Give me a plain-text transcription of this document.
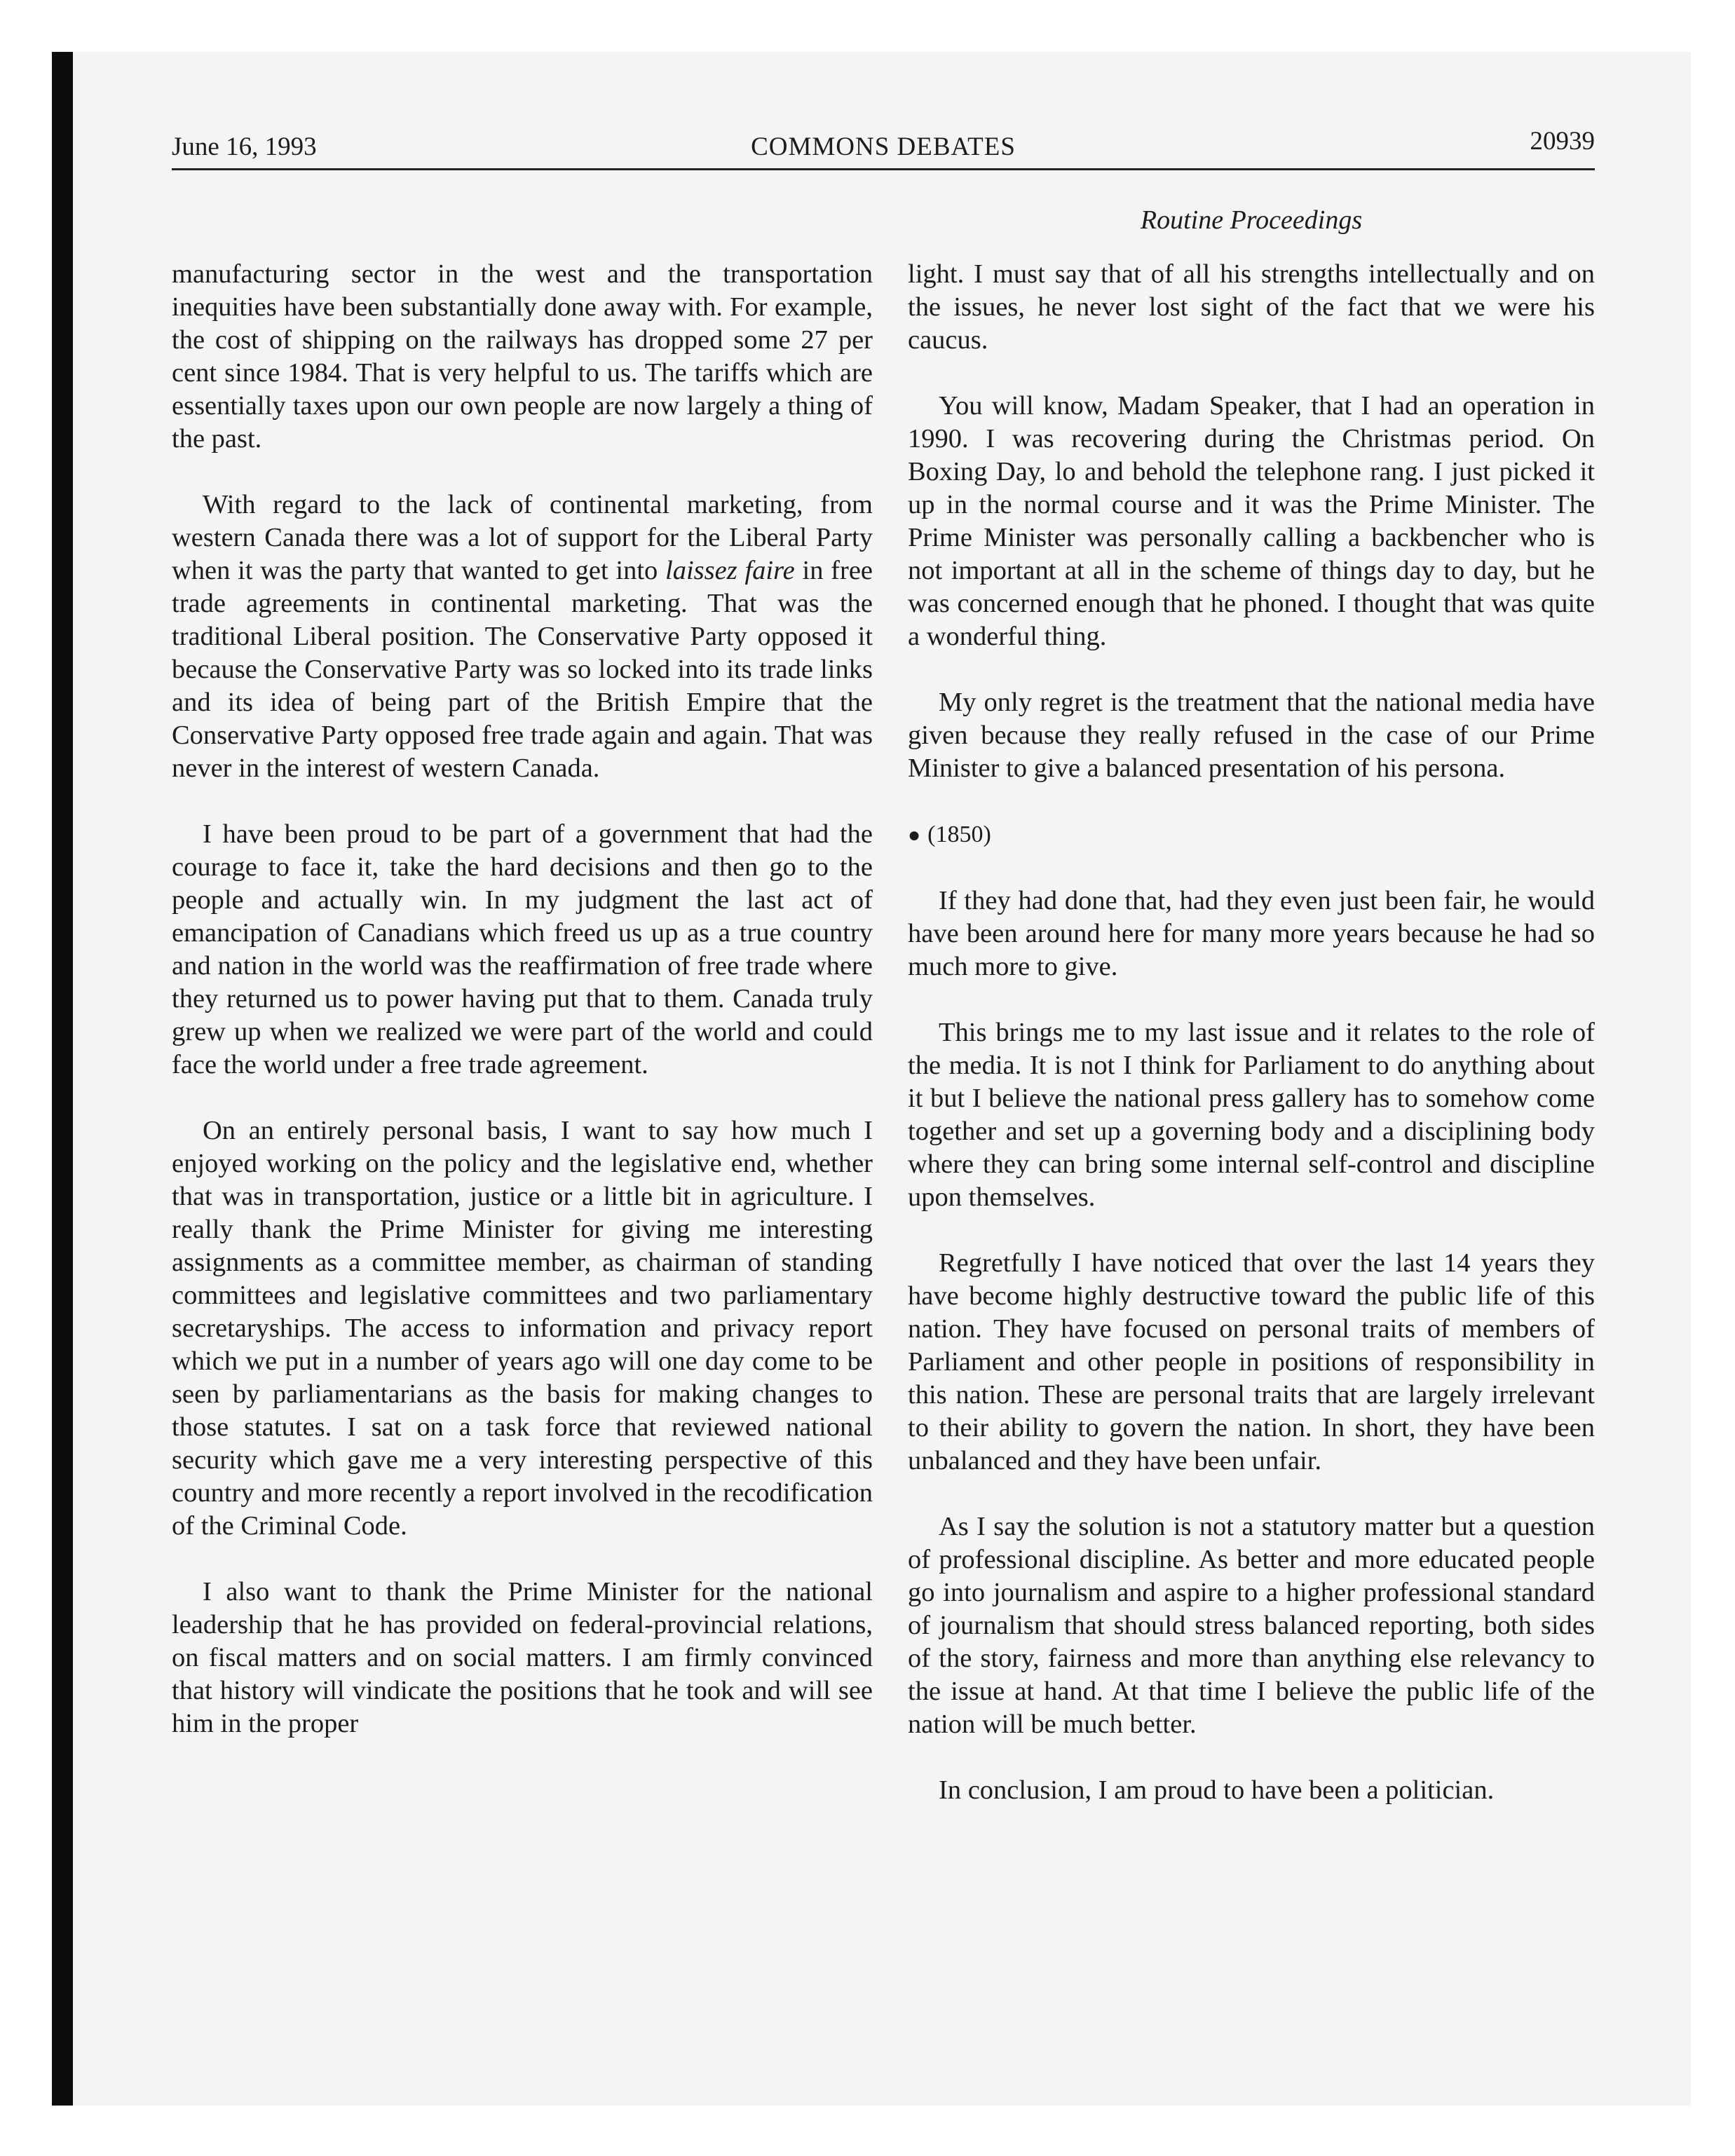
June 16, 1993	COMMONS DEBATES	20939
Routine Proceedings

manufacturing sector in the west and the transportation inequities have been substantially done away with. For example, the cost of shipping on the railways has dropped some 27 per cent since 1984. That is very helpful to us. The tariffs which are essentially taxes upon our own people are now largely a thing of the past.

With regard to the lack of continental marketing, from western Canada there was a lot of support for the Liberal Party when it was the party that wanted to get into laissez faire in free trade agreements in continental marketing. That was the traditional Liberal position. The Conservative Party opposed it because the Conservative Party was so locked into its trade links and its idea of being part of the British Empire that the Conservative Party opposed free trade again and again. That was never in the interest of western Canada.

I have been proud to be part of a government that had the courage to face it, take the hard decisions and then go to the people and actually win. In my judgment the last act of emancipation of Canadians which freed us up as a true country and nation in the world was the reaffirmation of free trade where they returned us to power having put that to them. Canada truly grew up when we realized we were part of the world and could face the world under a free trade agreement.

On an entirely personal basis, I want to say how much I enjoyed working on the policy and the legislative end, whether that was in transportation, justice or a little bit in agriculture. I really thank the Prime Minister for giving me interesting assignments as a committee member, as chairman of standing committees and legislative committees and two parliamentary secretaryships. The access to information and privacy report which we put in a number of years ago will one day come to be seen by parliamentarians as the basis for making changes to those statutes. I sat on a task force that reviewed national security which gave me a very interesting perspective of this country and more recently a report involved in the recodification of the Criminal Code.

I also want to thank the Prime Minister for the national leadership that he has provided on federal-provincial relations, on fiscal matters and on social matters. I am firmly convinced that history will vindicate the positions that he took and will see him in the proper

light. I must say that of all his strengths intellectually and on the issues, he never lost sight of the fact that we were his caucus.

You will know, Madam Speaker, that I had an operation in 1990. I was recovering during the Christmas period. On Boxing Day, lo and behold the telephone rang. I just picked it up in the normal course and it was the Prime Minister. The Prime Minister was personally calling a backbencher who is not important at all in the scheme of things day to day, but he was concerned enough that he phoned. I thought that was quite a wonderful thing.

My only regret is the treatment that the national media have given because they really refused in the case of our Prime Minister to give a balanced presentation of his persona.

● (1850)

If they had done that, had they even just been fair, he would have been around here for many more years because he had so much more to give.

This brings me to my last issue and it relates to the role of the media. It is not I think for Parliament to do anything about it but I believe the national press gallery has to somehow come together and set up a governing body and a disciplining body where they can bring some internal self-control and discipline upon themselves.

Regretfully I have noticed that over the last 14 years they have become highly destructive toward the public life of this nation. They have focused on personal traits of members of Parliament and other people in positions of responsibility in this nation. These are personal traits that are largely irrelevant to their ability to govern the nation. In short, they have been unbalanced and they have been unfair.

As I say the solution is not a statutory matter but a question of professional discipline. As better and more educated people go into journalism and aspire to a higher professional standard of journalism that should stress balanced reporting, both sides of the story, fairness and more than anything else relevancy to the issue at hand. At that time I believe the public life of the nation will be much better.

In conclusion, I am proud to have been a politician.
